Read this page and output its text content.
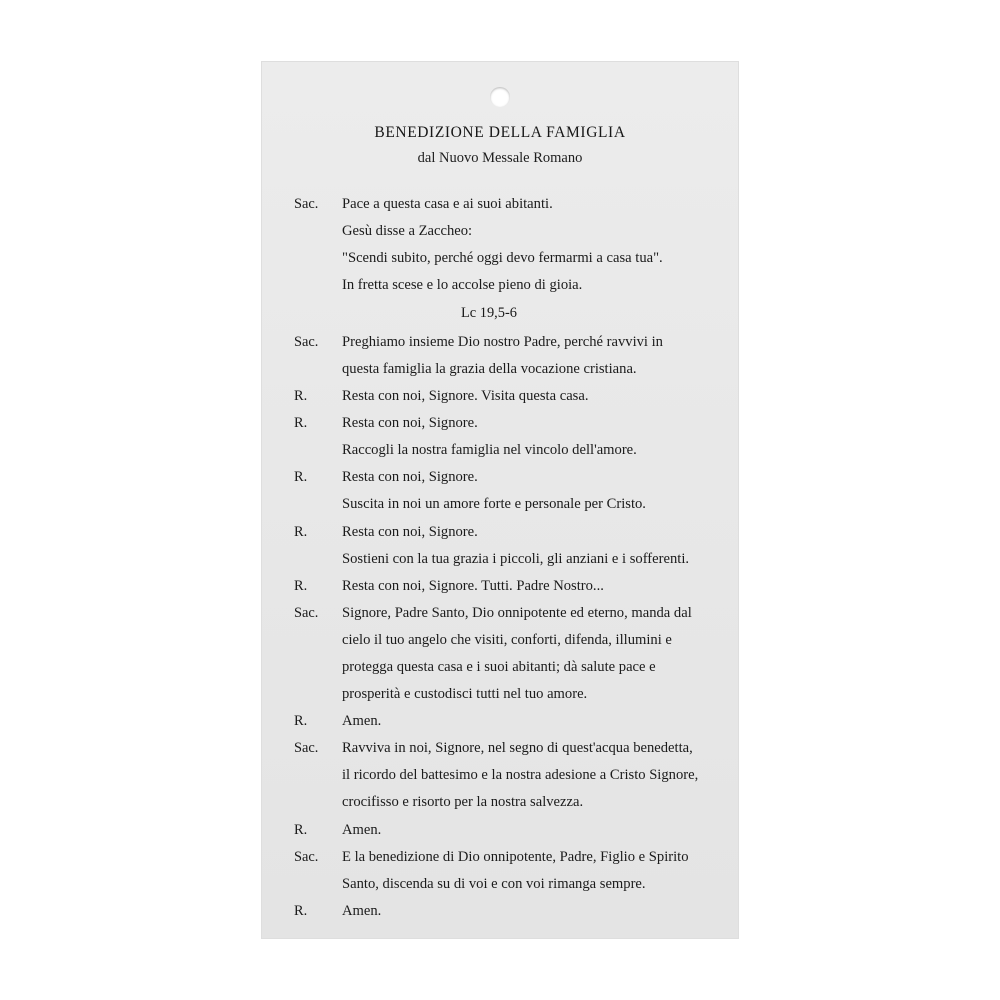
BENEDIZIONE DELLA FAMIGLIA
dal Nuovo Messale Romano
Sac.	Pace a questa casa e ai suoi abitanti.
Gesù disse a Zaccheo:
"Scendi subito, perché oggi devo fermarmi a casa tua".
In fretta scese e lo accolse pieno di gioia.
Lc 19,5-6
Sac.	Preghiamo insieme Dio nostro Padre, perché ravvivi in
questa famiglia la grazia della vocazione cristiana.
R.	Resta con noi, Signore. Visita questa casa.
R.	Resta con noi, Signore.
Raccogli la nostra famiglia nel vincolo dell'amore.
R.	Resta con noi, Signore.
Suscita in noi un amore forte e personale per Cristo.
R.	Resta con noi, Signore.
Sostieni con la tua grazia i piccoli, gli anziani e i sofferenti.
R.	Resta con noi, Signore. Tutti. Padre Nostro...
Sac.	Signore, Padre Santo, Dio onnipotente ed eterno, manda dal
cielo il tuo angelo che visiti, conforti, difenda, illumini e
protegga questa casa e i suoi abitanti; dà salute pace e
prosperità e custodisci tutti nel tuo amore.
R.	Amen.
Sac.	Ravviva in noi, Signore, nel segno di quest'acqua benedetta,
il ricordo del battesimo e la nostra adesione a Cristo Signore,
crocifisso e risorto per la nostra salvezza.
R.	Amen.
Sac.	E la benedizione di Dio onnipotente, Padre, Figlio e Spirito
Santo, discenda su di voi e con voi rimanga sempre.
R.	Amen.
